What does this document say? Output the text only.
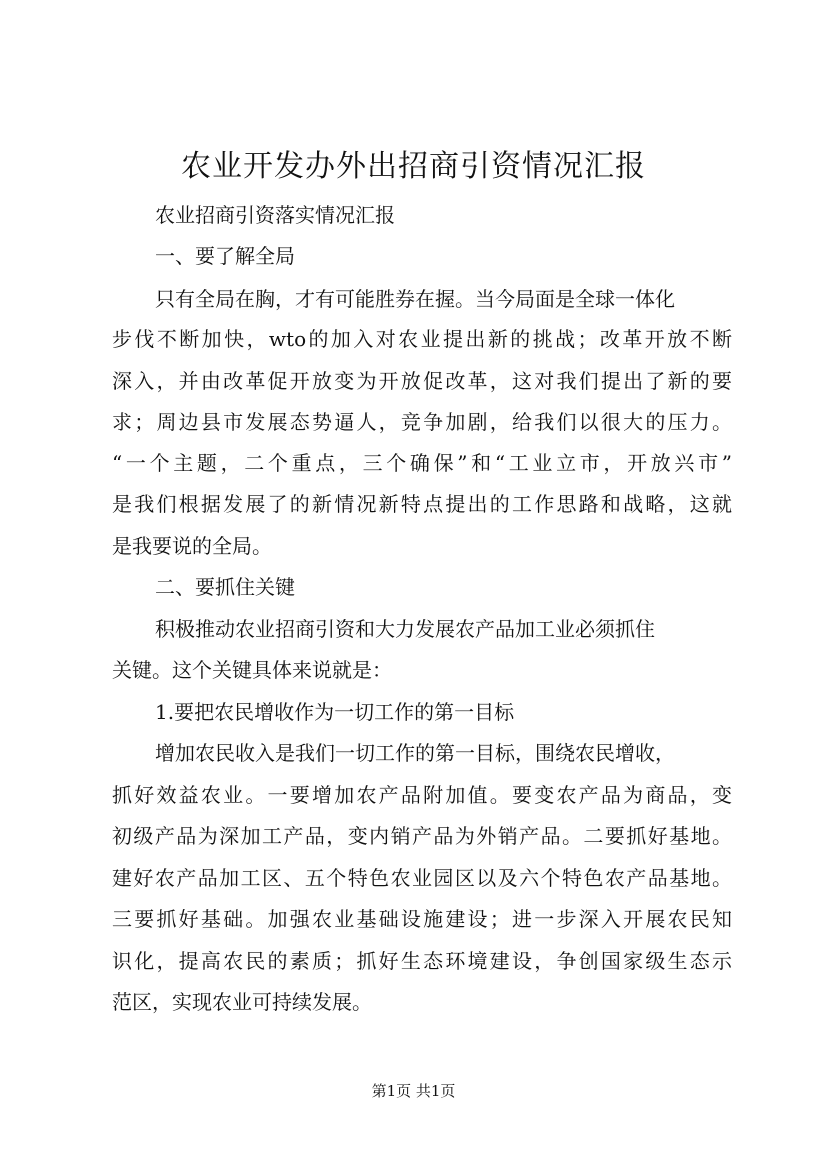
农业开发办外出招商引资情况汇报

农业招商引资落实情况汇报

一、要了解全局

只有全局在胸，才有可能胜券在握。当今局面是全球一体化

步伐不断加快，wto的加入对农业提出新的挑战；改革开放不断

深入，并由改革促开放变为开放促改革，这对我们提出了新的要

求；周边县市发展态势逼人，竞争加剧，给我们以很大的压力。

“一个主题，二个重点，三个确保”和“工业立市，开放兴市”

是我们根据发展了的新情况新特点提出的工作思路和战略，这就

是我要说的全局。

二、要抓住关键

积极推动农业招商引资和大力发展农产品加工业必须抓住

关键。这个关键具体来说就是：

1.要把农民增收作为一切工作的第一目标

增加农民收入是我们一切工作的第一目标，围绕农民增收，

抓好效益农业。一要增加农产品附加值。要变农产品为商品，变

初级产品为深加工产品，变内销产品为外销产品。二要抓好基地。

建好农产品加工区、五个特色农业园区以及六个特色农产品基地。

三要抓好基础。加强农业基础设施建设；进一步深入开展农民知

识化，提高农民的素质；抓好生态环境建设，争创国家级生态示

范区，实现农业可持续发展。

第1页 共1页
